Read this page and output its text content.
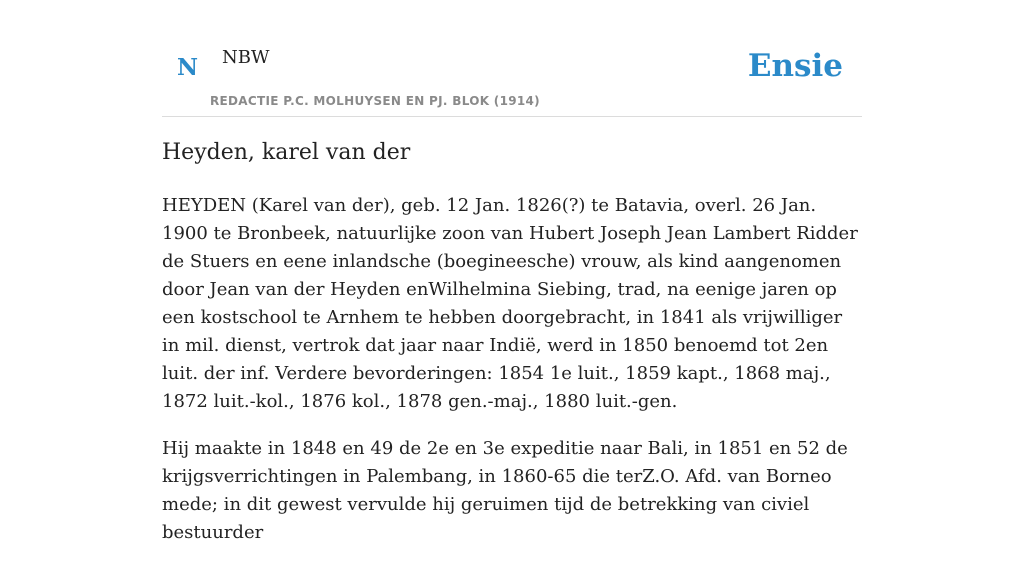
N NBW
REDACTIE P.C. MOLHUYSEN EN PJ. BLOK (1914)
Ensie
Heyden, karel van der

HEYDEN (Karel van der), geb. 12 Jan. 1826(?) te Batavia, overl. 26 Jan. 1900 te Bronbeek, natuurlijke zoon van Hubert Joseph Jean Lambert Ridder de Stuers en eene inlandsche (boegineesche) vrouw, als kind aangenomen door Jean van der Heyden enWilhelmina Siebing, trad, na eenige jaren op een kostschool te Arnhem te hebben doorgebracht, in 1841 als vrijwilliger in mil. dienst, vertrok dat jaar naar Indië, werd in 1850 benoemd tot 2en luit. der inf. Verdere bevorderingen: 1854 1e luit., 1859 kapt., 1868 maj., 1872 luit.-kol., 1876 kol., 1878 gen.-maj., 1880 luit.-gen.

Hij maakte in 1848 en 49 de 2e en 3e expeditie naar Bali, in 1851 en 52 de krijgsverrichtingen in Palembang, in 1860-65 die terZ.O. Afd. van Borneo mede; in dit gewest vervulde hij geruimen tijd de betrekking van civiel bestuurder
